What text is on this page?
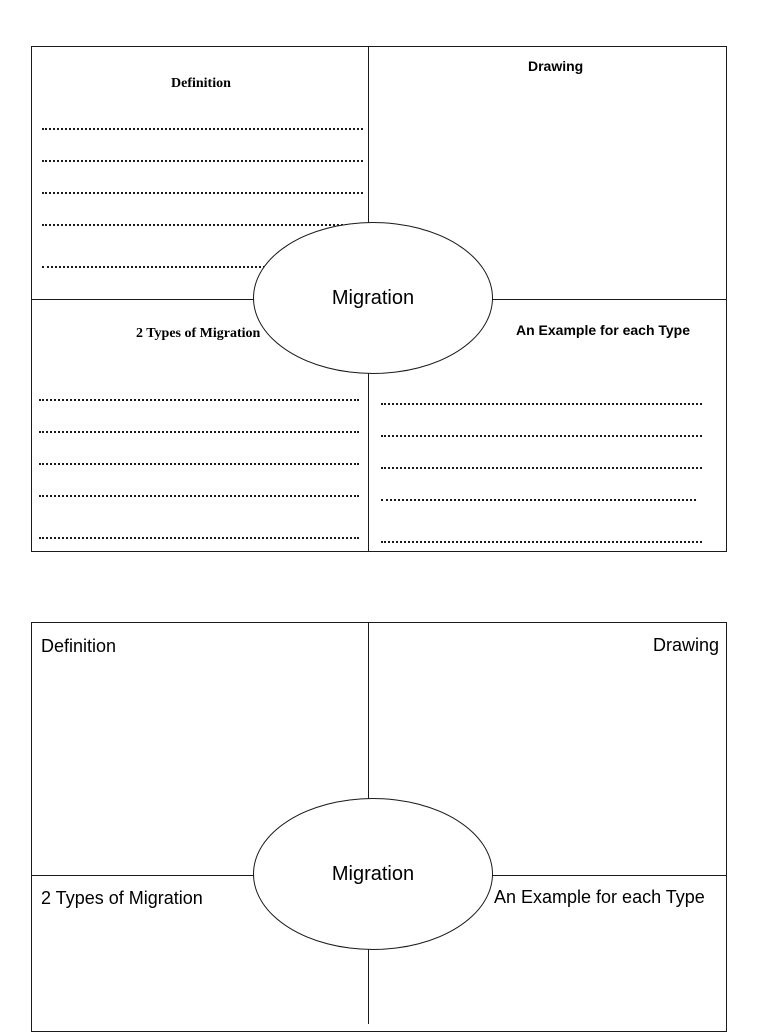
Definition
Drawing
2 Types of Migration	An Example for each Type
Migration
Definition	Drawing
2 Types of Migration	An Example for each Type
Migration
